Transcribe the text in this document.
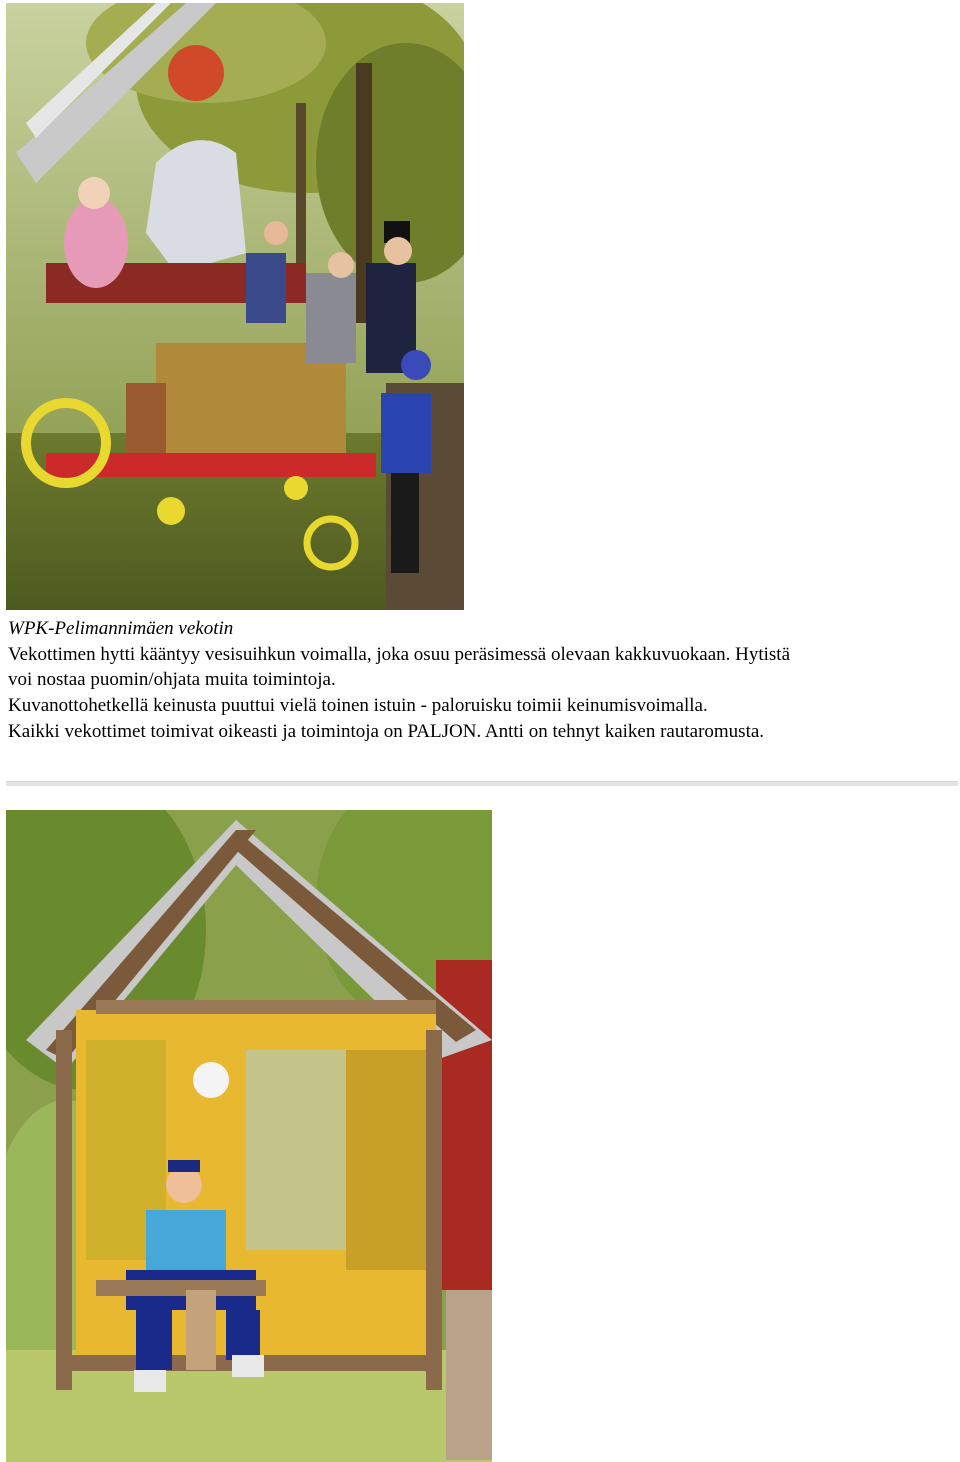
WPK-Pelimannimäen vekotin
Vekottimen hytti kääntyy vesisuihkun voimalla, joka osuu peräsimessä olevaan kakkuvuokaan. Hytistä
voi nostaa puomin/ohjata muita toimintoja.
Kuvanottohetkellä keinusta puuttui vielä toinen istuin - paloruisku toimii keinumisvoimalla.
Kaikki vekottimet toimivat oikeasti ja toimintoja on PALJON. Antti on tehnyt kaiken rautaromusta.
